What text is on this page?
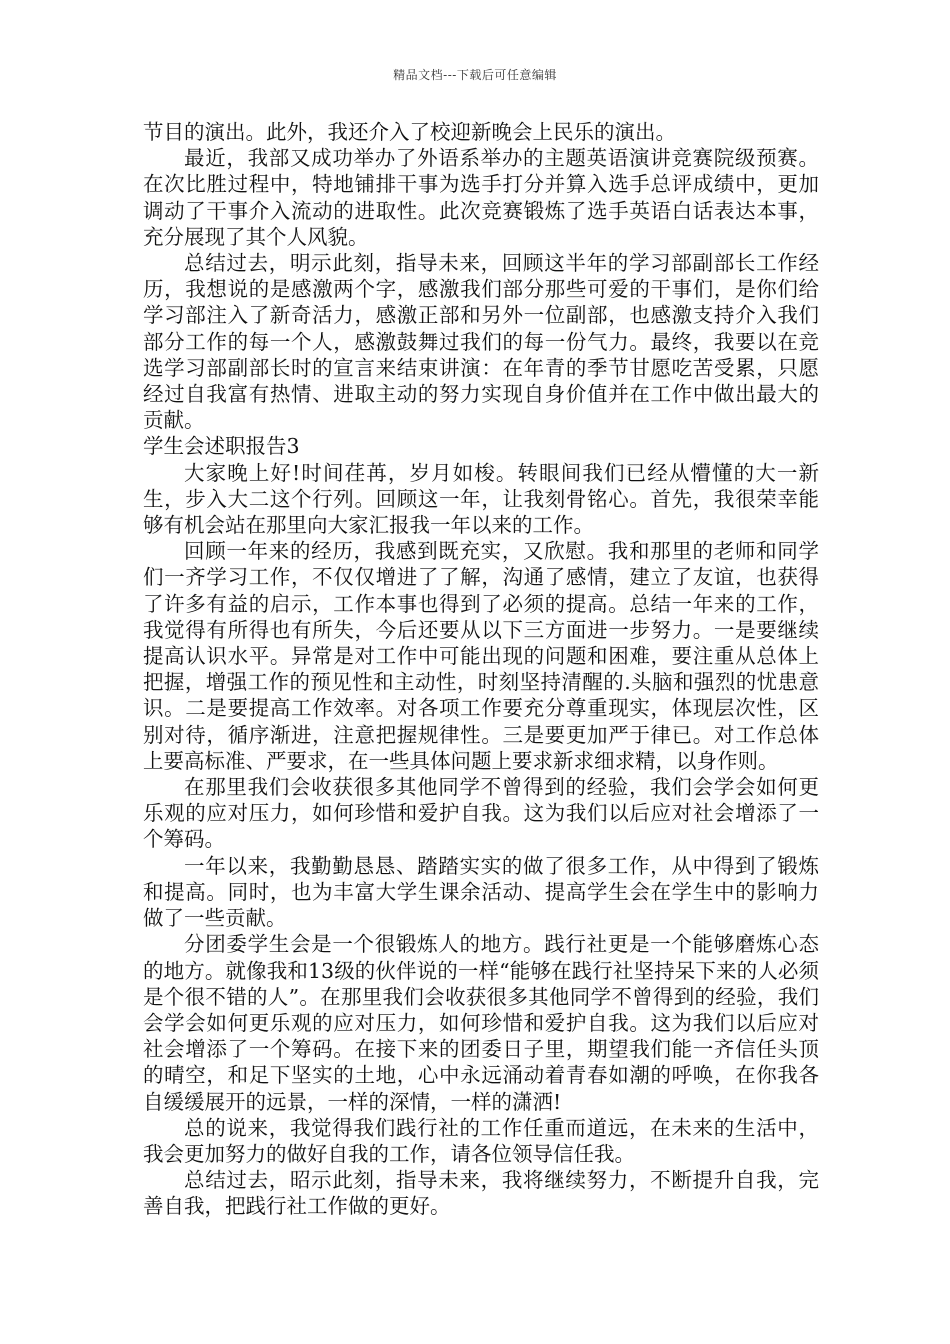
精品文档---下载后可任意编辑

节目的演出。此外，我还介入了校迎新晚会上民乐的演出。

最近，我部又成功举办了外语系举办的主题英语演讲竞赛院级预赛。在次比胜过程中，特地铺排干事为选手打分并算入选手总评成绩中，更加调动了干事介入流动的进取性。此次竞赛锻炼了选手英语白话表达本事，充分展现了其个人风貌。

总结过去，明示此刻，指导未来，回顾这半年的学习部副部长工作经历，我想说的是感激两个字，感激我们部分那些可爱的干事们，是你们给学习部注入了新奇活力，感激正部和另外一位副部，也感激支持介入我们部分工作的每一个人，感激鼓舞过我们的每一份气力。最终，我要以在竞选学习部副部长时的宣言来结束讲演：在年青的季节甘愿吃苦受累，只愿经过自我富有热情、进取主动的努力实现自身价值并在工作中做出最大的贡献。

学生会述职报告3

大家晚上好!时间荏苒，岁月如梭。转眼间我们已经从懵懂的大一新生，步入大二这个行列。回顾这一年，让我刻骨铭心。首先，我很荣幸能够有机会站在那里向大家汇报我一年以来的工作。

回顾一年来的经历，我感到既充实，又欣慰。我和那里的老师和同学们一齐学习工作，不仅仅增进了了解，沟通了感情，建立了友谊，也获得了许多有益的启示，工作本事也得到了必须的提高。总结一年来的工作，我觉得有所得也有所失，今后还要从以下三方面进一步努力。一是要继续提高认识水平。异常是对工作中可能出现的问题和困难，要注重从总体上把握，增强工作的预见性和主动性，时刻坚持清醒的.头脑和强烈的忧患意识。二是要提高工作效率。对各项工作要充分尊重现实，体现层次性，区别对待，循序渐进，注意把握规律性。三是要更加严于律已。对工作总体上要高标准、严要求，在一些具体问题上要求新求细求精，以身作则。

在那里我们会收获很多其他同学不曾得到的经验，我们会学会如何更乐观的应对压力，如何珍惜和爱护自我。这为我们以后应对社会增添了一个筹码。

一年以来，我勤勤恳恳、踏踏实实的做了很多工作，从中得到了锻炼和提高。同时，也为丰富大学生课余活动、提高学生会在学生中的影响力做了一些贡献。

分团委学生会是一个很锻炼人的地方。践行社更是一个能够磨炼心态的地方。就像我和13级的伙伴说的一样“能够在践行社坚持呆下来的人必须是个很不错的人”。在那里我们会收获很多其他同学不曾得到的经验，我们会学会如何更乐观的应对压力，如何珍惜和爱护自我。这为我们以后应对社会增添了一个筹码。在接下来的团委日子里，期望我们能一齐信任头顶的晴空，和足下坚实的土地，心中永远涌动着青春如潮的呼唤，在你我各自缓缓展开的远景，一样的深情，一样的潇洒!

总的说来，我觉得我们践行社的工作任重而道远，在未来的生活中，我会更加努力的做好自我的工作，请各位领导信任我。

总结过去，昭示此刻，指导未来，我将继续努力，不断提升自我，完善自我，把践行社工作做的更好。
